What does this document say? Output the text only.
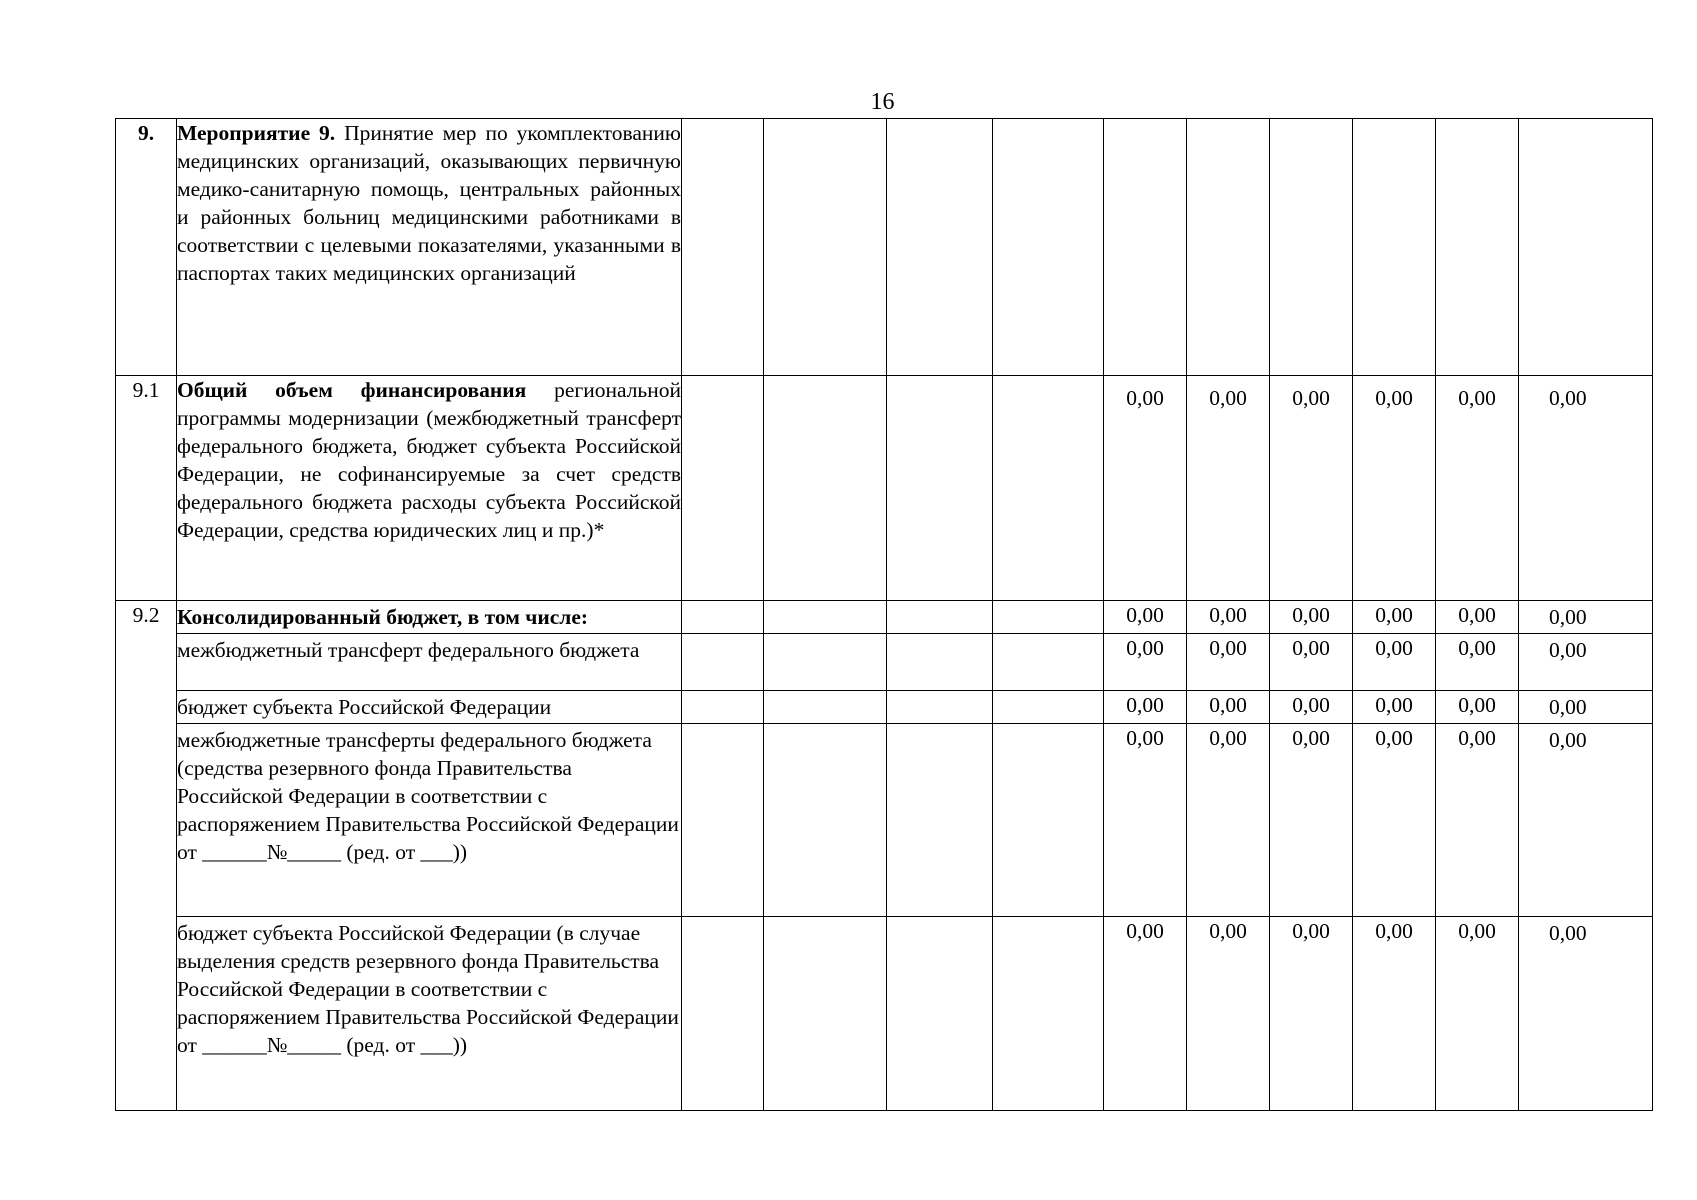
16
9.	Мероприятие 9. Принятие мер по укомплектованию медицинских организаций, оказывающих первичную медико-санитарную помощь, центральных районных и районных больниц медицинскими работниками в соответствии с целевыми показателями, указанными в паспортах таких медицинских организаций										
9.1	Общий объем финансирования региональной программы модернизации (межбюджетный трансферт федерального бюджета, бюджет субъекта Российской Федерации, не софинансируемые за счет средств федерального бюджета расходы субъекта Российской Федерации, средства юридических лиц и пр.)*					0,00	0,00	0,00	0,00	0,00	0,00
9.2	Консолидированный бюджет, в том числе:					0,00	0,00	0,00	0,00	0,00	0,00
	межбюджетный трансферт федерального бюджета					0,00	0,00	0,00	0,00	0,00	0,00
	бюджет субъекта Российской Федерации					0,00	0,00	0,00	0,00	0,00	0,00
	межбюджетные трансферты федерального бюджета (средства резервного фонда Правительства Российской Федерации в соответствии с распоряжением Правительства Российской Федерации от ______№_____ (ред. от ___))					0,00	0,00	0,00	0,00	0,00	0,00
	бюджет субъекта Российской Федерации (в случае выделения средств резервного фонда Правительства Российской Федерации в соответствии с распоряжением Правительства Российской Федерации от ______№_____ (ред. от ___))					0,00	0,00	0,00	0,00	0,00	0,00
